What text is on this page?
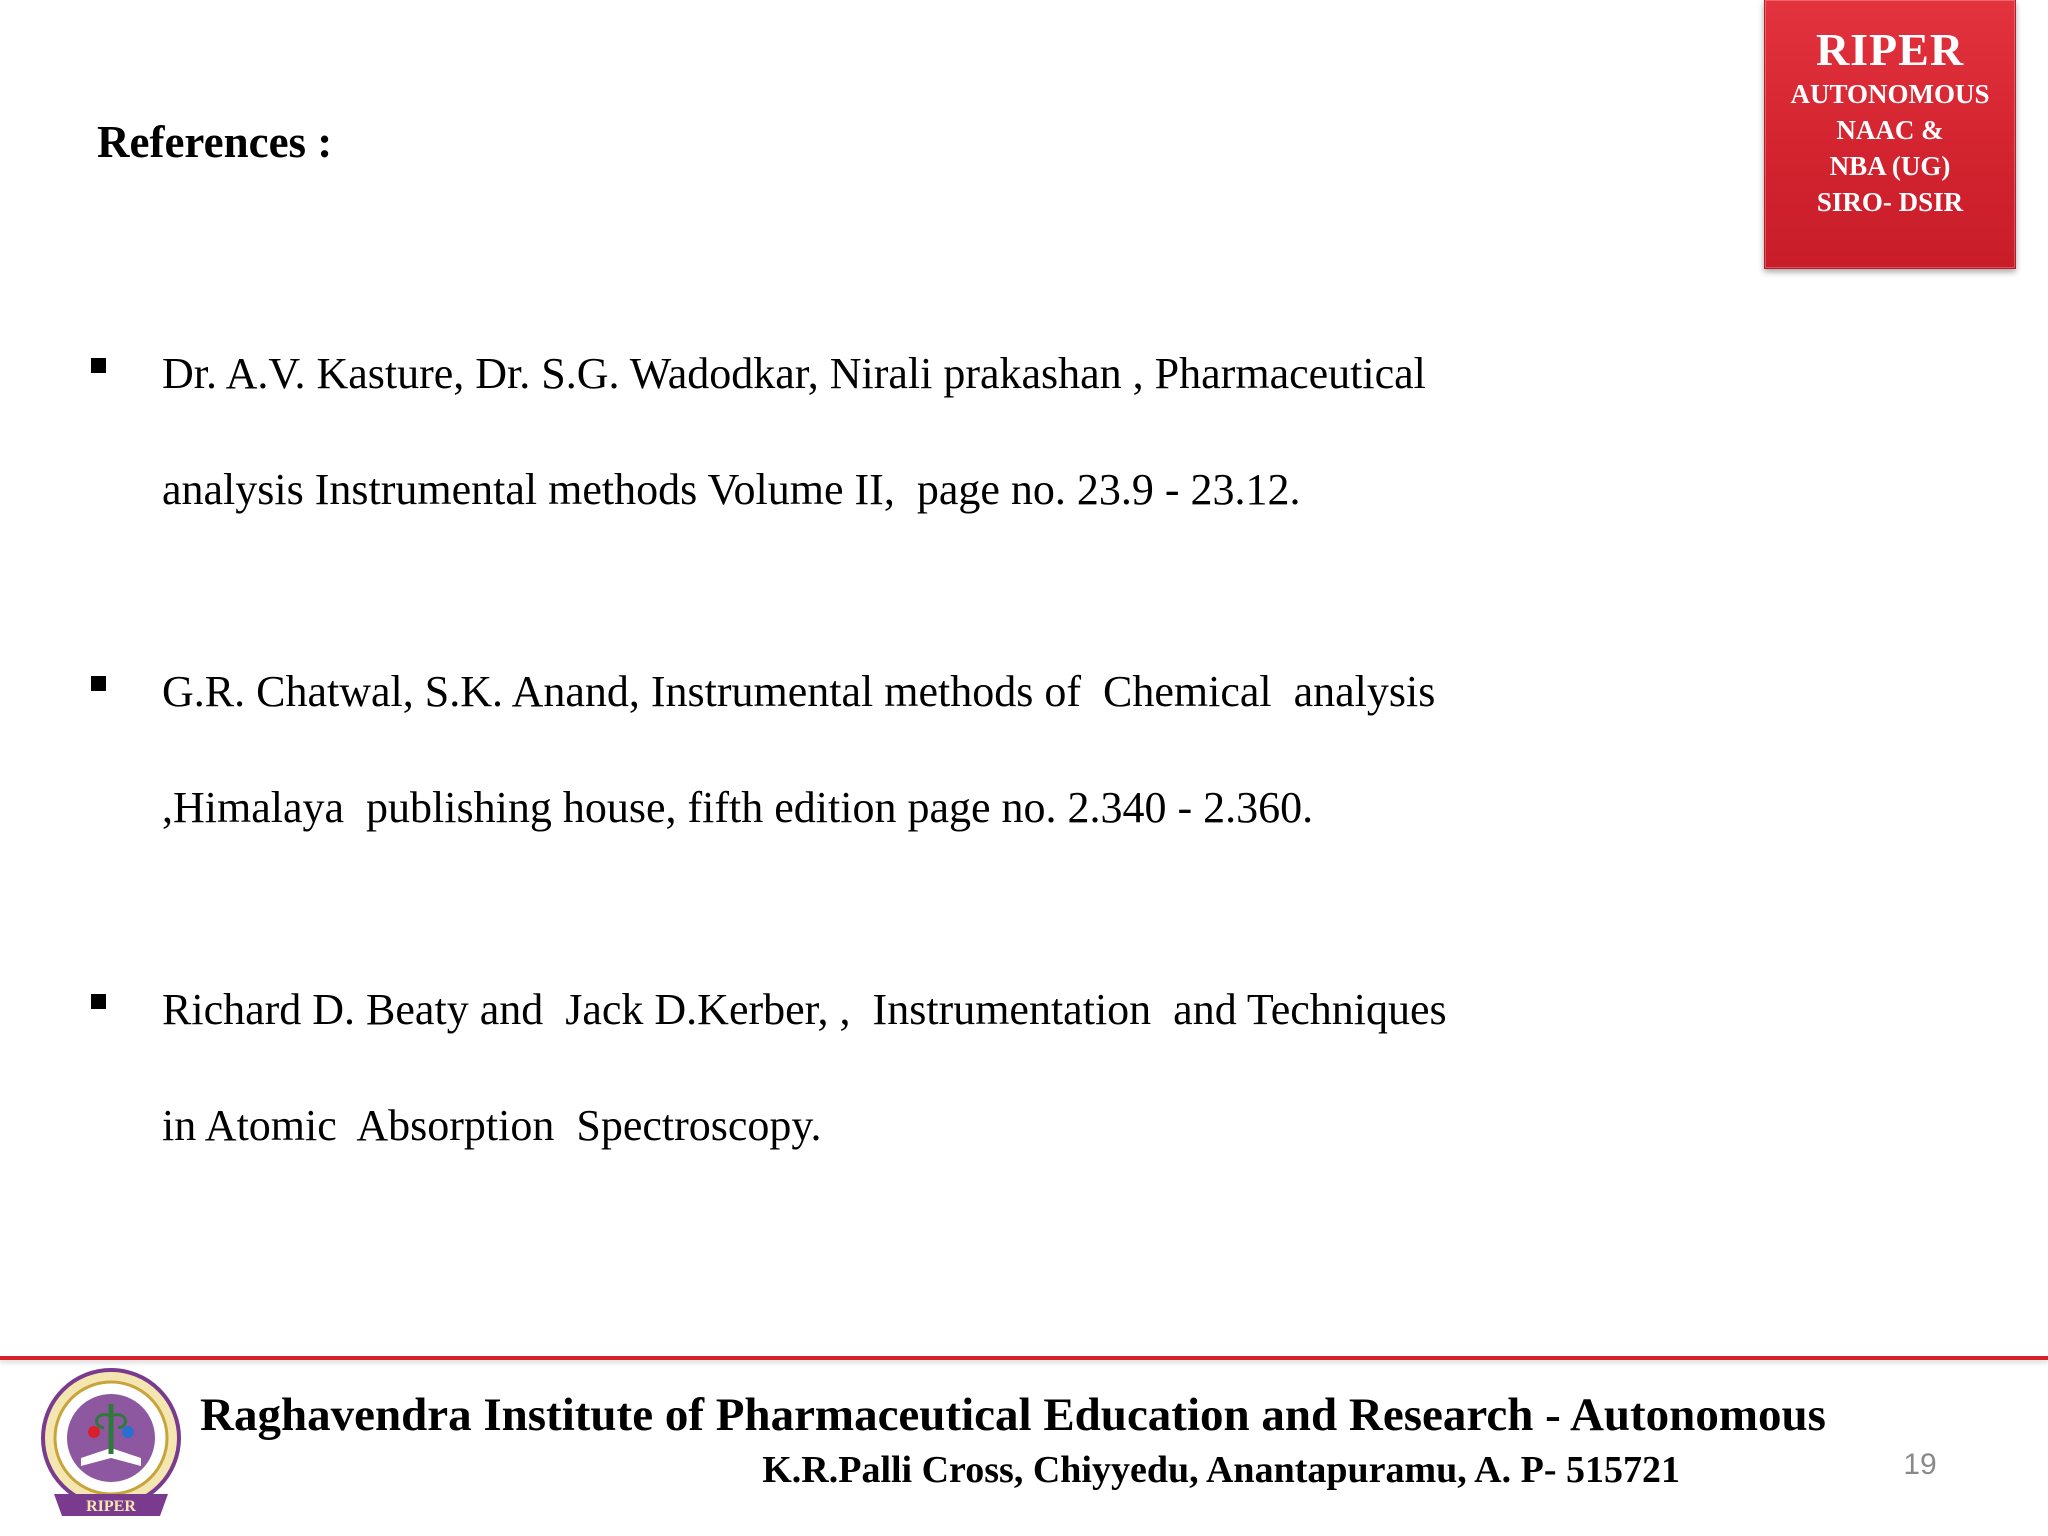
RIPER
AUTONOMOUS
NAAC &
NBA (UG)
SIRO- DSIR
References :
Dr. A.V. Kasture, Dr. S.G. Wadodkar, Nirali prakashan , Pharmaceutical
analysis Instrumental methods Volume II,  page no. 23.9 - 23.12.
G.R. Chatwal, S.K. Anand, Instrumental methods of  Chemical  analysis
,Himalaya  publishing house, fifth edition page no. 2.340 - 2.360.
Richard D. Beaty and  Jack D.Kerber, ,  Instrumentation  and Techniques
in Atomic  Absorption  Spectroscopy.
RIPER

Raghavendra Institute of Pharmaceutical Education and Research - Autonomous

K.R.Palli Cross, Chiyyedu, Anantapuramu, A. P- 515721	19
